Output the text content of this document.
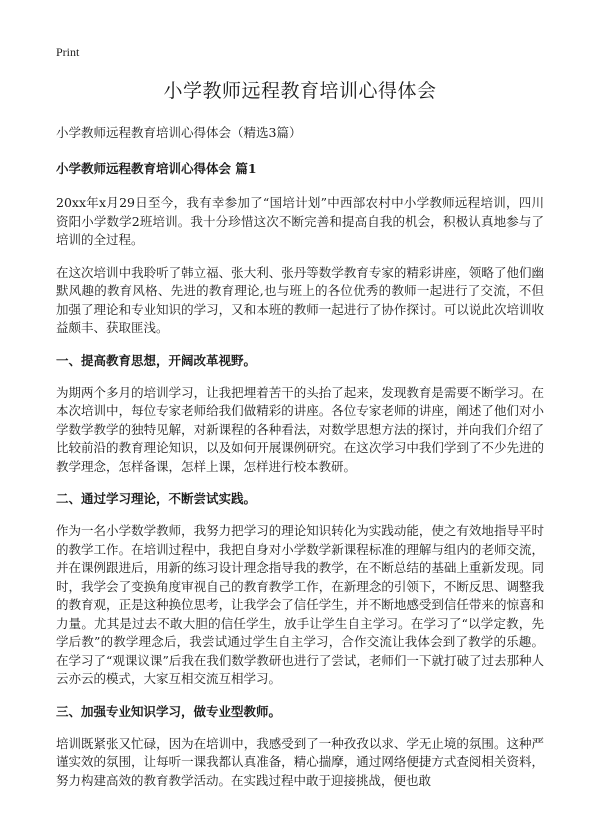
Print
小学教师远程教育培训心得体会

小学教师远程教育培训心得体会（精选3篇）

小学教师远程教育培训心得体会 篇1

20xx年x月29日至今，我有幸参加了“国培计划”中西部农村中小学教师远程培训，四川资阳小学数学2班培训。我十分珍惜这次不断完善和提高自我的机会，积极认真地参与了培训的全过程。

在这次培训中我聆听了韩立福、张大利、张丹等数学教育专家的精彩讲座，领略了他们幽默风趣的教育风格、先进的教育理论,也与班上的各位优秀的教师一起进行了交流，不但加强了理论和专业知识的学习，又和本班的教师一起进行了协作探讨。可以说此次培训收益颇丰、获取匪浅。

一、提高教育思想，开阔改革视野。

为期两个多月的培训学习，让我把埋着苦干的头抬了起来，发现教育是需要不断学习。在本次培训中，每位专家老师给我们做精彩的讲座。各位专家老师的讲座，阐述了他们对小学数学教学的独特见解，对新课程的各种看法，对数学思想方法的探讨，并向我们介绍了比较前沿的教育理论知识，以及如何开展课例研究。在这次学习中我们学到了不少先进的教学理念，怎样备课，怎样上课，怎样进行校本教研。

二、通过学习理论，不断尝试实践。

作为一名小学数学教师，我努力把学习的理论知识转化为实践动能，使之有效地指导平时的教学工作。在培训过程中，我把自身对小学数学新课程标准的理解与组内的老师交流，并在课例跟进后，用新的练习设计理念指导我的教学，在不断总结的基础上重新发现。同时，我学会了变换角度审视自己的教育教学工作，在新理念的引领下，不断反思、调整我的教育观，正是这种换位思考，让我学会了信任学生，并不断地感受到信任带来的惊喜和力量。尤其是过去不敢大胆的信任学生，放手让学生自主学习。在学习了“以学定教，先学后教”的教学理念后，我尝试通过学生自主学习，合作交流让我体会到了教学的乐趣。在学习了“观课议课”后我在我们数学教研也进行了尝试，老师们一下就打破了过去那种人云亦云的模式，大家互相交流互相学习。

三、加强专业知识学习，做专业型教师。

培训既紧张又忙碌，因为在培训中，我感受到了一种孜孜以求、学无止境的氛围。这种严谨实效的氛围，让每听一课我都认真准备，精心揣摩，通过网络便捷方式查阅相关资料，努力构建高效的教育教学活动。在实践过程中敢于迎接挑战，便也敢
